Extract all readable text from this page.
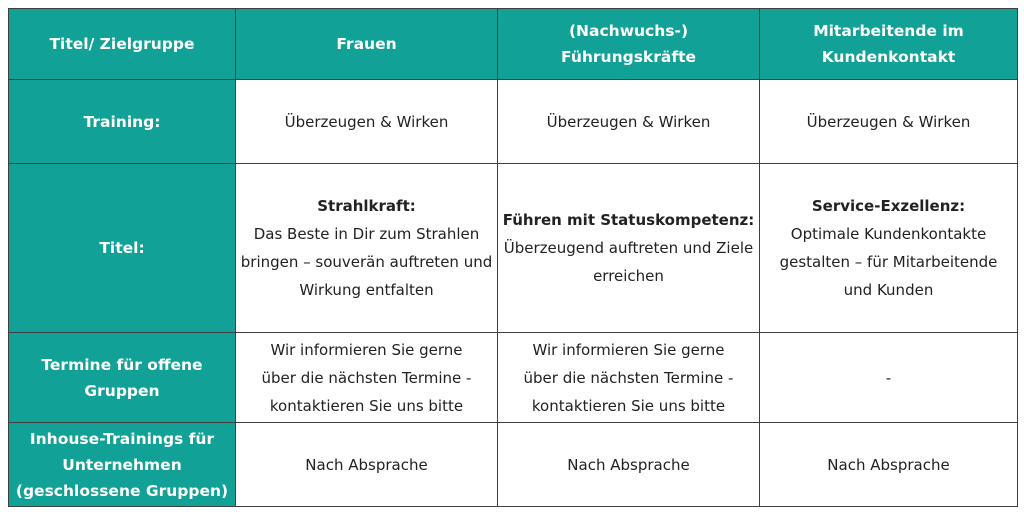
Titel/ Zielgruppe	Frauen	(Nachwuchs-)
Führungskräfte	Mitarbeitende im
Kundenkontakt

Training:	Überzeugen & Wirken	Überzeugen & Wirken	Überzeugen & Wirken
Titel:	Strahlkraft:
Das Beste in Dir zum Strahlen
bringen – souverän auftreten und
Wirkung entfalten	Führen mit Statuskompetenz:
Überzeugend auftreten und Ziele
erreichen	Service-Exzellenz:
Optimale Kundenkontakte
gestalten – für Mitarbeitende
und Kunden

Termine für offene
Gruppen	Wir informieren Sie gerne
über die nächsten Termine -
kontaktieren Sie uns bitte	Wir informieren Sie gerne
über die nächsten Termine -
kontaktieren Sie uns bitte	-

Inhouse-Trainings für
Unternehmen
(geschlossene Gruppen)	Nach Absprache	Nach Absprache	Nach Absprache
